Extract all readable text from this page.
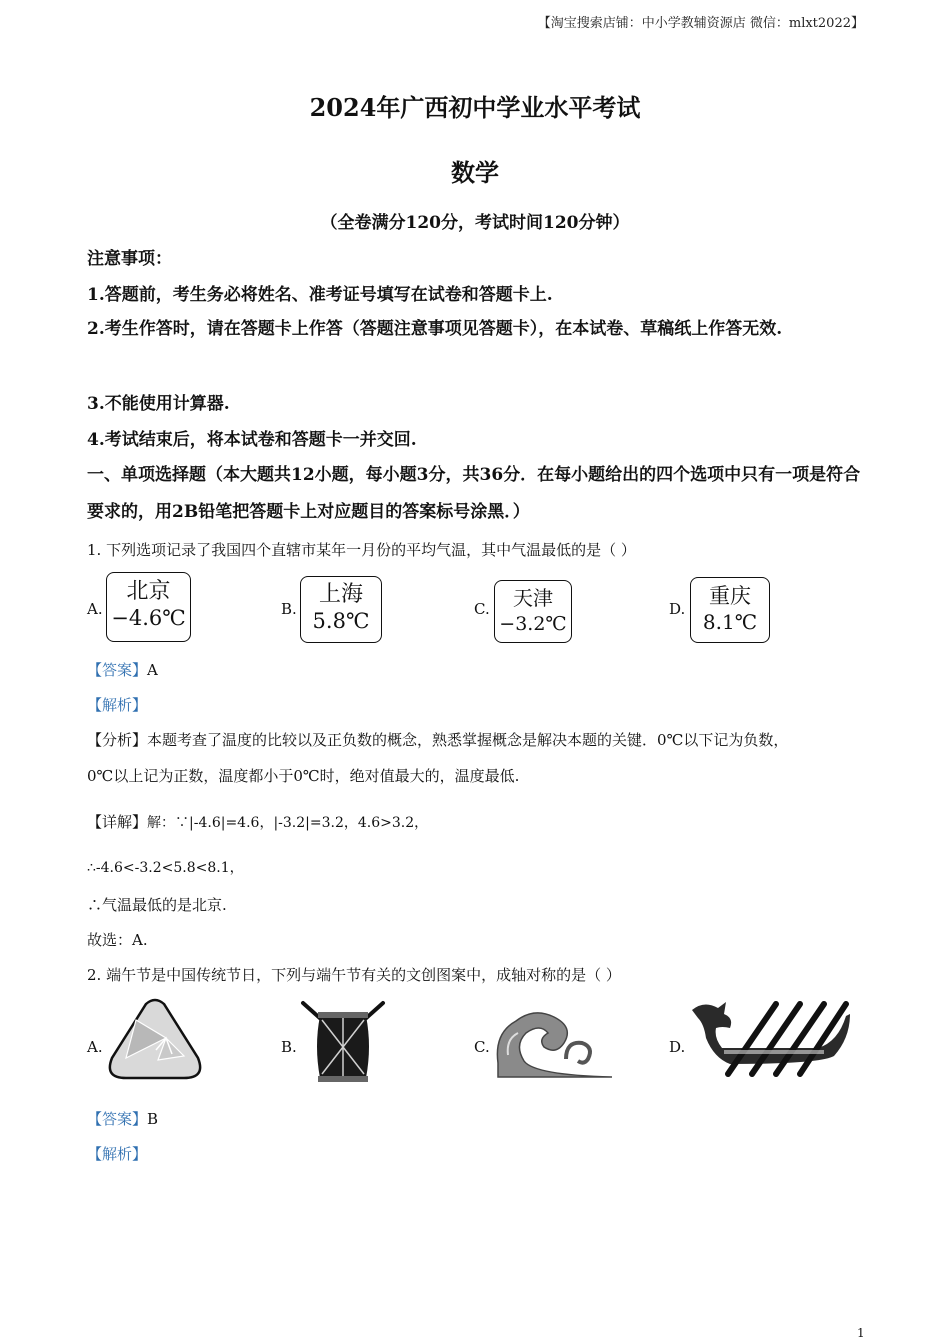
【淘宝搜索店铺：中小学教辅资源店 微信：mlxt2022】
2024年广西初中学业水平考试
数学
（全卷满分120分，考试时间120分钟）
注意事项：
1.答题前，考生务必将姓名、准考证号填写在试卷和答题卡上.
2.考生作答时，请在答题卡上作答（答题注意事项见答题卡），在本试卷、草稿纸上作答无效.
3.不能使用计算器.
4.考试结束后，将本试卷和答题卡一并交回.
一、单项选择题（本大题共12小题，每小题3分，共36分．在每小题给出的四个选项中只有一项是符合要求的，用2B铅笔把答题卡上对应题目的答案标号涂黑．）
1. 下列选项记录了我国四个直辖市某年一月份的平均气温，其中气温最低的是（ ）
A.
北京
−4.6℃	B.
上海
5.8℃	C.	天津
−3.2℃
D.
重庆
8.1℃
【答案】A
【解析】
【分析】本题考查了温度的比较以及正负数的概念，熟悉掌握概念是解决本题的关键．0℃以下记为负数，
0℃以上记为正数，温度都小于0℃时，绝对值最大的，温度最低.
【详解】解：∵|-4.6|=4.6，|-3.2|=3.2，4.6>3.2，
∴-4.6<-3.2<5.8<8.1，
∴气温最低的是北京.
故选：A.
2. 端午节是中国传统节日，下列与端午节有关的文创图案中，成轴对称的是（ ）
A.	B.	C.	D.
【答案】B
【解析】
1
